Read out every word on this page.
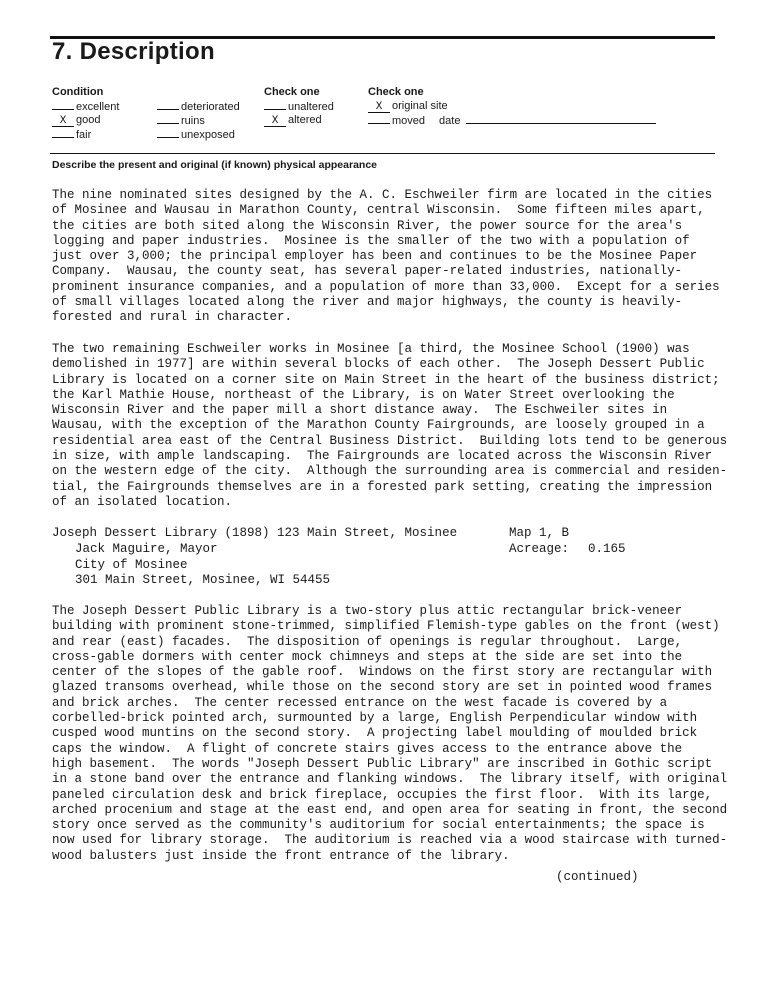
7. Description
Condition
excellent
X good
fair
deteriorated
ruins
unexposed
Check one
unaltered
X altered
Check one
X original site
moved date
Describe the present and original (if known) physical appearance
The nine nominated sites designed by the A. C. Eschweiler firm are located in the cities
of Mosinee and Wausau in Marathon County, central Wisconsin.  Some fifteen miles apart,
the cities are both sited along the Wisconsin River, the power source for the area's
logging and paper industries.  Mosinee is the smaller of the two with a population of
just over 3,000; the principal employer has been and continues to be the Mosinee Paper
Company.  Wausau, the county seat, has several paper-related industries, nationally-
prominent insurance companies, and a population of more than 33,000.  Except for a series
of small villages located along the river and major highways, the county is heavily-
forested and rural in character.
The two remaining Eschweiler works in Mosinee [a third, the Mosinee School (1900) was
demolished in 1977] are within several blocks of each other.  The Joseph Dessert Public
Library is located on a corner site on Main Street in the heart of the business district;
the Karl Mathie House, northeast of the Library, is on Water Street overlooking the
Wisconsin River and the paper mill a short distance away.  The Eschweiler sites in
Wausau, with the exception of the Marathon County Fairgrounds, are loosely grouped in a
residential area east of the Central Business District.  Building lots tend to be generous
in size, with ample landscaping.  The Fairgrounds are located across the Wisconsin River
on the western edge of the city.  Although the surrounding area is commercial and residen-
tial, the Fairgrounds themselves are in a forested park setting, creating the impression
of an isolated location.
Joseph Dessert Library (1898) 123 Main Street, Mosinee
Jack Maguire, Mayor
City of Mosinee
301 Main Street, Mosinee, WI 54455
Map 1, B
Acreage: 0.165
The Joseph Dessert Public Library is a two-story plus attic rectangular brick-veneer
building with prominent stone-trimmed, simplified Flemish-type gables on the front (west)
and rear (east) facades.  The disposition of openings is regular throughout.  Large,
cross-gable dormers with center mock chimneys and steps at the side are set into the
center of the slopes of the gable roof.  Windows on the first story are rectangular with
glazed transoms overhead, while those on the second story are set in pointed wood frames
and brick arches.  The center recessed entrance on the west facade is covered by a
corbelled-brick pointed arch, surmounted by a large, English Perpendicular window with
cusped wood muntins on the second story.  A projecting label moulding of moulded brick
caps the window.  A flight of concrete stairs gives access to the entrance above the
high basement.  The words "Joseph Dessert Public Library" are inscribed in Gothic script
in a stone band over the entrance and flanking windows.  The library itself, with original
paneled circulation desk and brick fireplace, occupies the first floor.  With its large,
arched procenium and stage at the east end, and open area for seating in front, the second
story once served as the community's auditorium for social entertainments; the space is
now used for library storage.  The auditorium is reached via a wood staircase with turned-
wood balusters just inside the front entrance of the library.
(continued)
